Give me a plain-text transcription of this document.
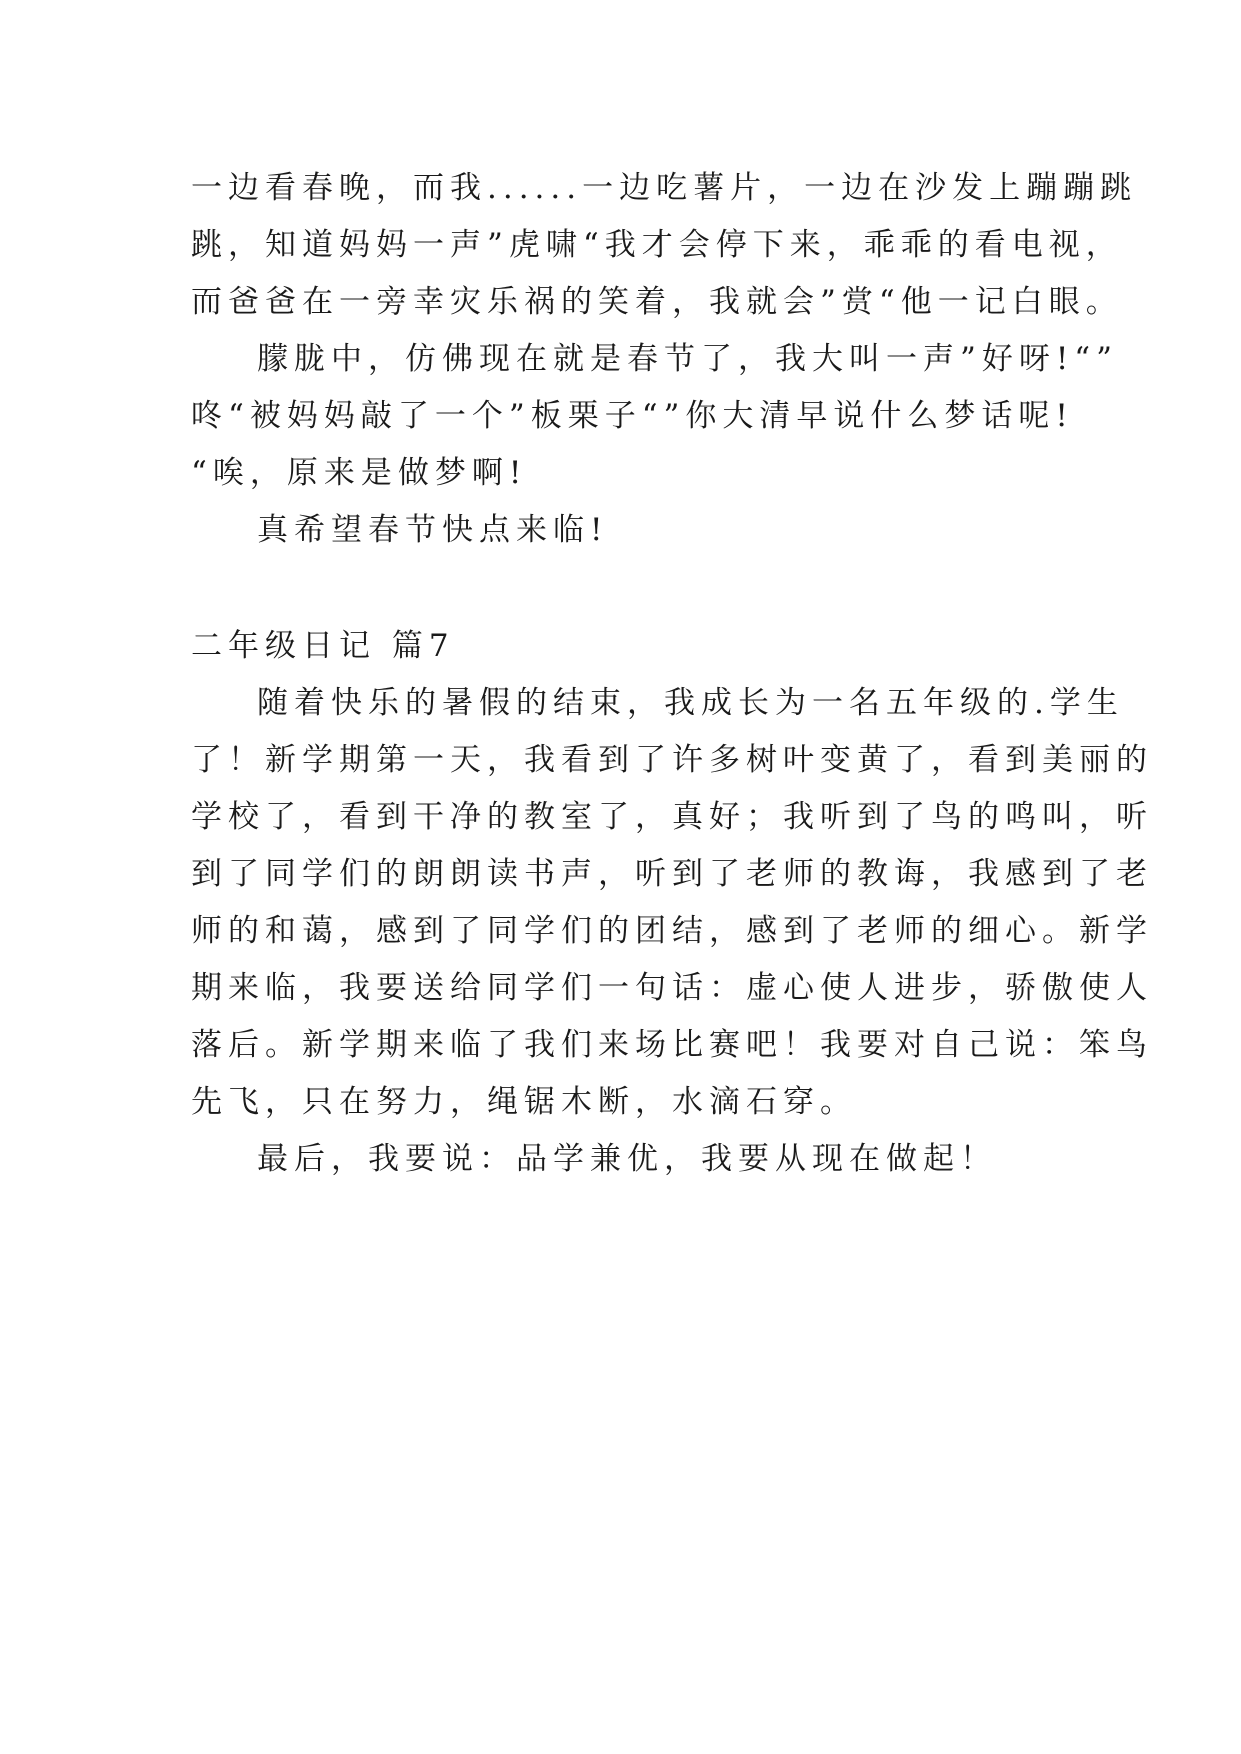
一边看春晚，而我......一边吃薯片，一边在沙发上蹦蹦跳
跳，知道妈妈一声”虎啸“我才会停下来，乖乖的看电视，
而爸爸在一旁幸灾乐祸的笑着，我就会”赏“他一记白眼。
朦胧中，仿佛现在就是春节了，我大叫一声”好呀!“”
咚“被妈妈敲了一个”板栗子“”你大清早说什么梦话呢!
“唉，原来是做梦啊!
真希望春节快点来临!
二年级日记 篇7
随着快乐的暑假的结束，我成长为一名五年级的.学生
了！新学期第一天，我看到了许多树叶变黄了，看到美丽的
学校了，看到干净的教室了，真好；我听到了鸟的鸣叫，听
到了同学们的朗朗读书声，听到了老师的教诲，我感到了老
师的和蔼，感到了同学们的团结，感到了老师的细心。新学
期来临，我要送给同学们一句话：虚心使人进步，骄傲使人
落后。新学期来临了我们来场比赛吧！我要对自己说：笨鸟
先飞，只在努力，绳锯木断，水滴石穿。
最后，我要说：品学兼优，我要从现在做起！
